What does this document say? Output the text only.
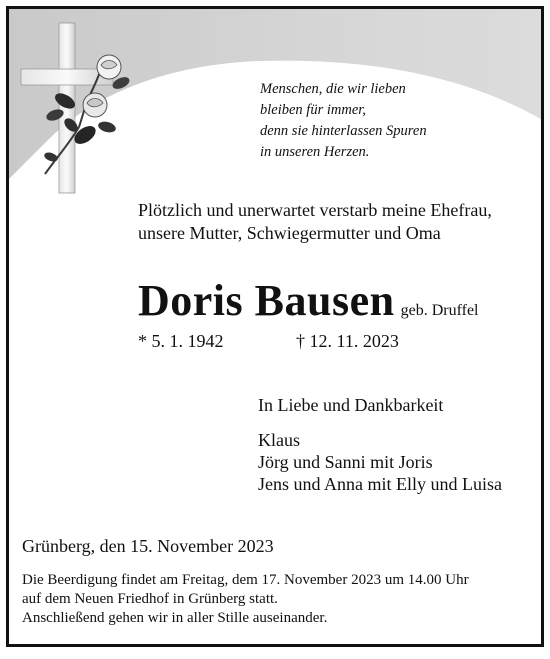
Menschen, die wir lieben
bleiben für immer,
denn sie hinterlassen Spuren
in unseren Herzen.
Plötzlich und unerwartet verstarb meine Ehefrau,
unsere Mutter, Schwiegermutter und Oma
Doris Bausen geb. Druffel
* 5. 1. 1942	† 12. 11. 2023
In Liebe und Dankbarkeit
Klaus
Jörg und Sanni mit Joris
Jens und Anna mit Elly und Luisa
Grünberg, den 15. November 2023
Die Beerdigung findet am Freitag, dem 17. November 2023 um 14.00 Uhr
auf dem Neuen Friedhof in Grünberg statt.
Anschließend gehen wir in aller Stille auseinander.
